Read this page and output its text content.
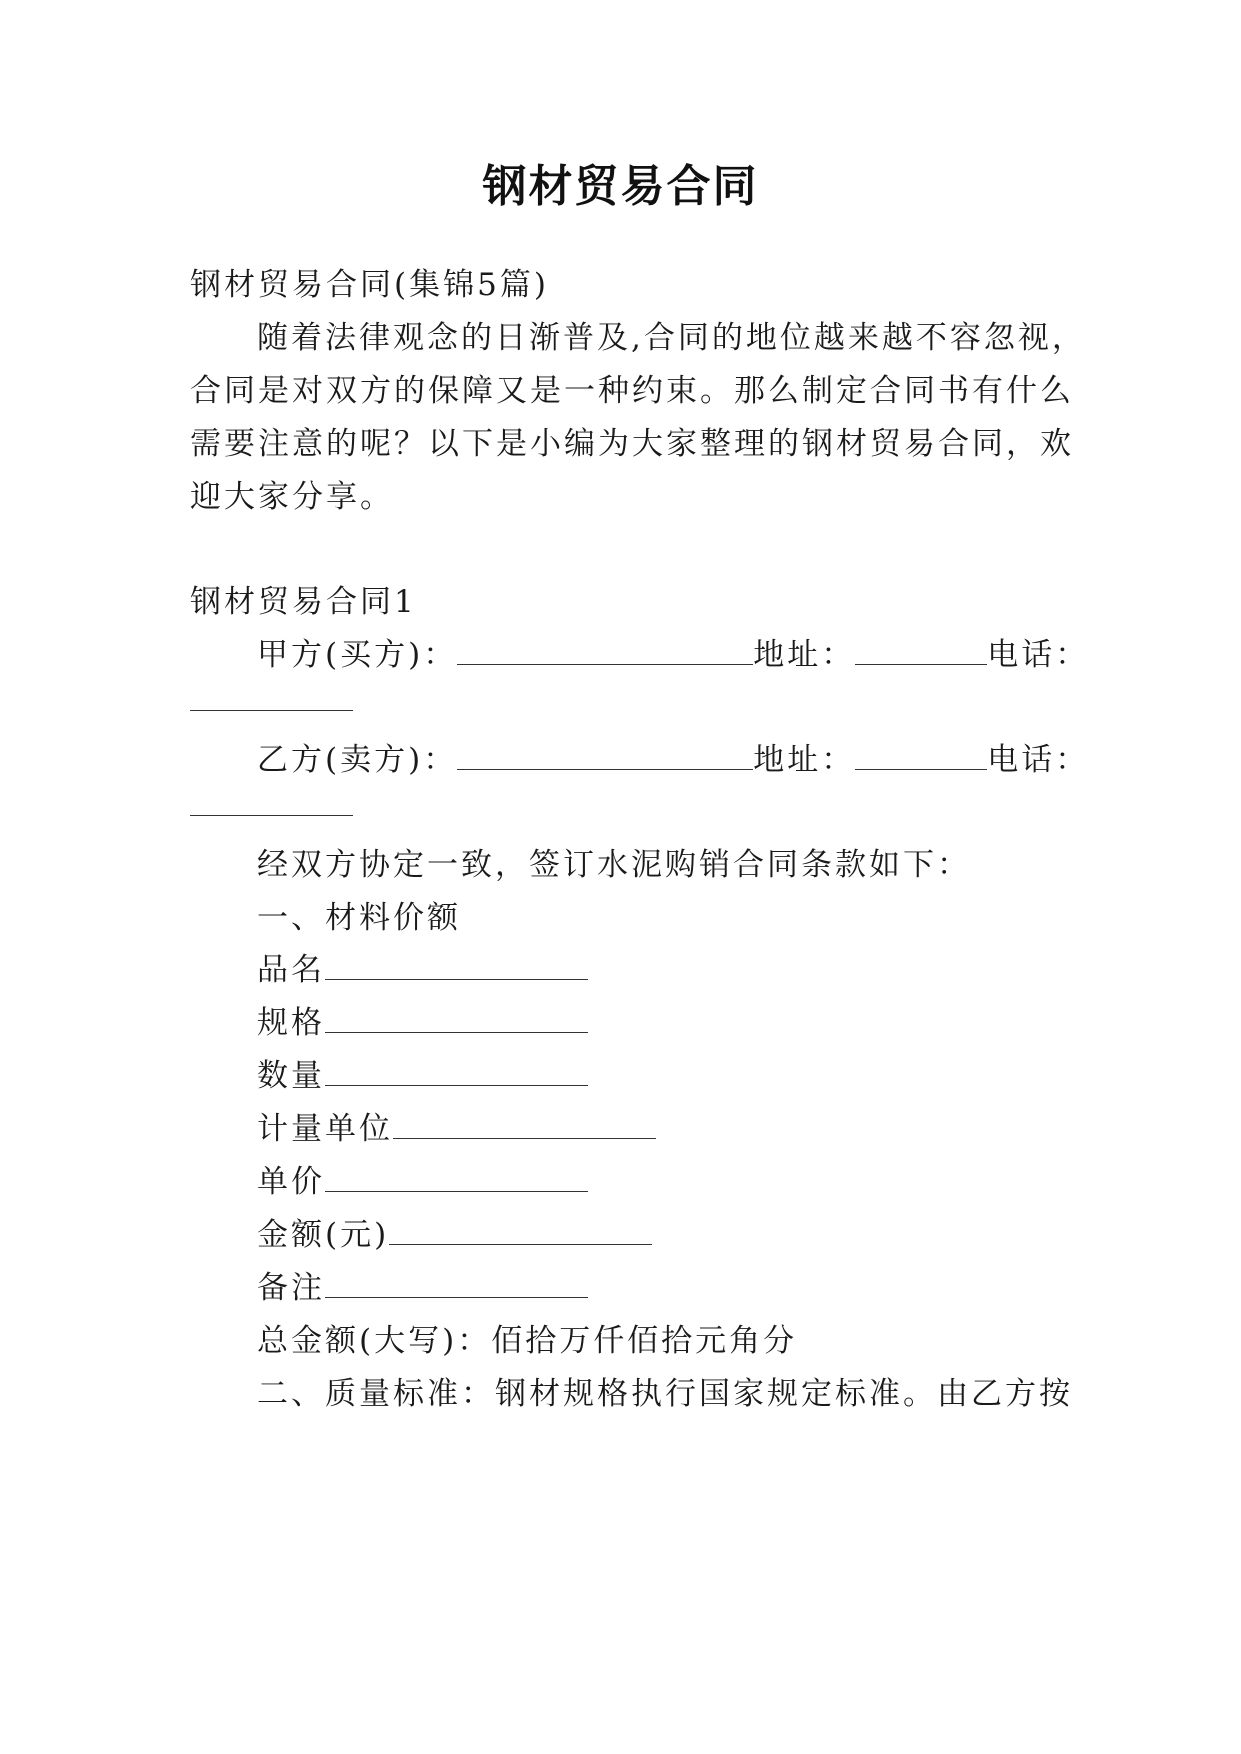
钢材贸易合同
钢材贸易合同(集锦5篇)
随着法律观念的日渐普及,合同的地位越来越不容忽视，
合同是对双方的保障又是一种约束。那么制定合同书有什么
需要注意的呢？以下是小编为大家整理的钢材贸易合同，欢
迎大家分享。
钢材贸易合同1
甲方(买方)：	地址：	电话：
乙方(卖方)：	地址：	电话：
经双方协定一致，签订水泥购销合同条款如下：
一、材料价额
品名
规格
数量
计量单位
单价
金额(元)
备注
总金额(大写)：佰拾万仟佰拾元角分
二、质量标准：钢材规格执行国家规定标准。由乙方按
